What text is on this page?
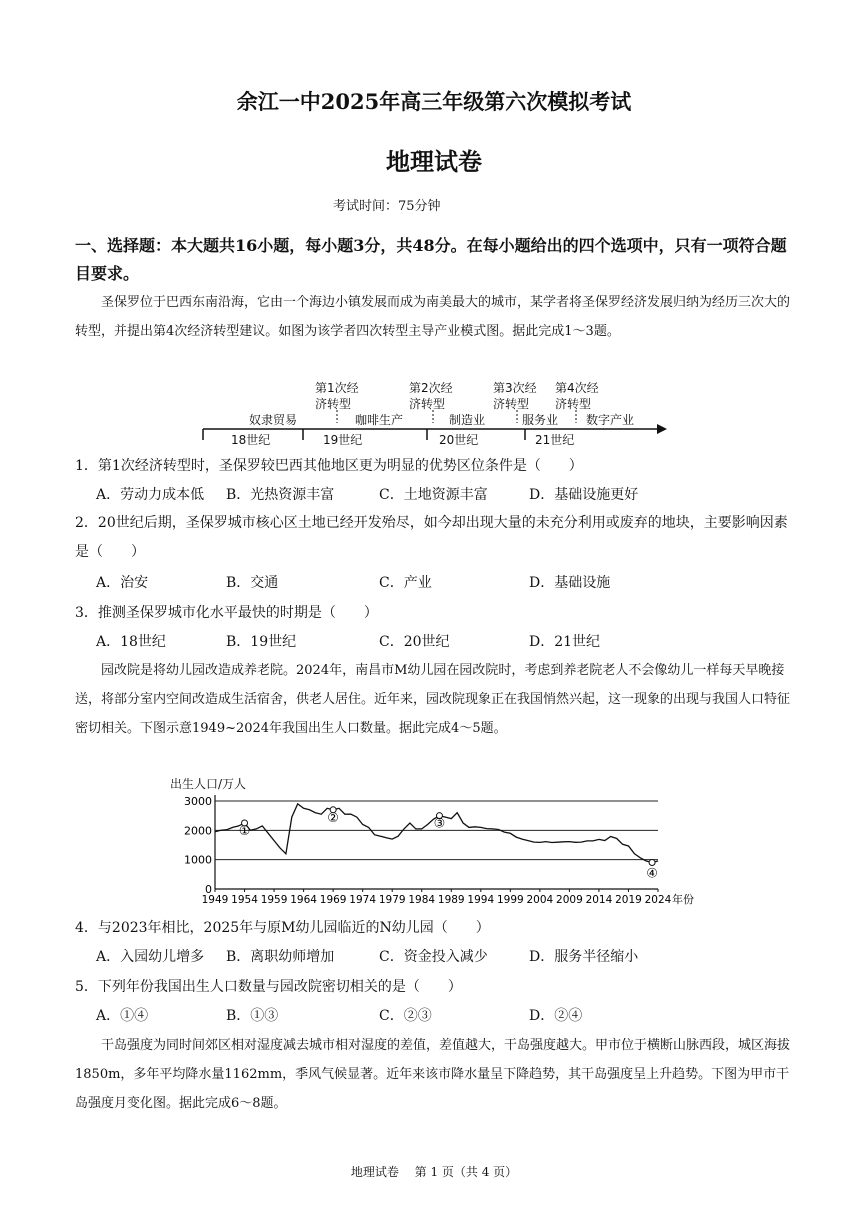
余江一中2025年高三年级第六次模拟考试
地理试卷
考试时间：75分钟
一、选择题：本大题共16小题，每小题3分，共48分。在每小题给出的四个选项中，只有一项符合题目要求。
圣保罗位于巴西东南沿海，它由一个海边小镇发展而成为南美最大的城市，某学者将圣保罗经济发展归纳为经历三次大的转型，并提出第4次经济转型建议。如图为该学者四次转型主导产业模式图。据此完成1～3题。
第1次经济转型
第2次经济转型
第3次经济转型
第4次经济转型
奴隶贸易	咖啡生产	制造业	服务业 数字产业
18世纪	19世纪	20世纪	21世纪
1．第1次经济转型时，圣保罗较巴西其他地区更为明显的优势区位条件是（　　）
A．劳动力成本低 B．光热资源丰富	C．土地资源丰富	D．基础设施更好
2．20世纪后期，圣保罗城市核心区土地已经开发殆尽，如今却出现大量的未充分利用或废弃的地块，主要影响因素是（　　）
A．治安	B．交通	C．产业	D．基础设施
3．推测圣保罗城市化水平最快的时期是（　　）
A．18世纪	B．19世纪	C．20世纪	D．21世纪
园改院是将幼儿园改造成养老院。2024年，南昌市M幼儿园在园改院时，考虑到养老院老人不会像幼儿一样每天早晚接送，将部分室内空间改造成生活宿舍，供老人居住。近年来，园改院现象正在我国悄然兴起，这一现象的出现与我国人口特征密切相关。下图示意1949~2024年我国出生人口数量。据此完成4～5题。
出生人口/万人
0
1000
2000
3000
1949 1954 1959 1964 1969 1974 1979 1984 1989 1994 1999 2004 2009 2014 2019 2024 年份
①
②	③
④
4．与2023年相比，2025年与原M幼儿园临近的N幼儿园（　　）
A．入园幼儿增多 B．离职幼师增加	C．资金投入减少	D．服务半径缩小
5．下列年份我国出生人口数量与园改院密切相关的是（　　）
A．①④	B．①③	C．②③	D．②④
干岛强度为同时间郊区相对湿度减去城市相对湿度的差值，差值越大，干岛强度越大。甲市位于横断山脉西段，城区海拔1850m，多年平均降水量1162mm，季风气候显著。近年来该市降水量呈下降趋势，其干岛强度呈上升趋势。下图为甲市干岛强度月变化图。据此完成6～8题。
地理试卷 第 1 页（共 4 页）
